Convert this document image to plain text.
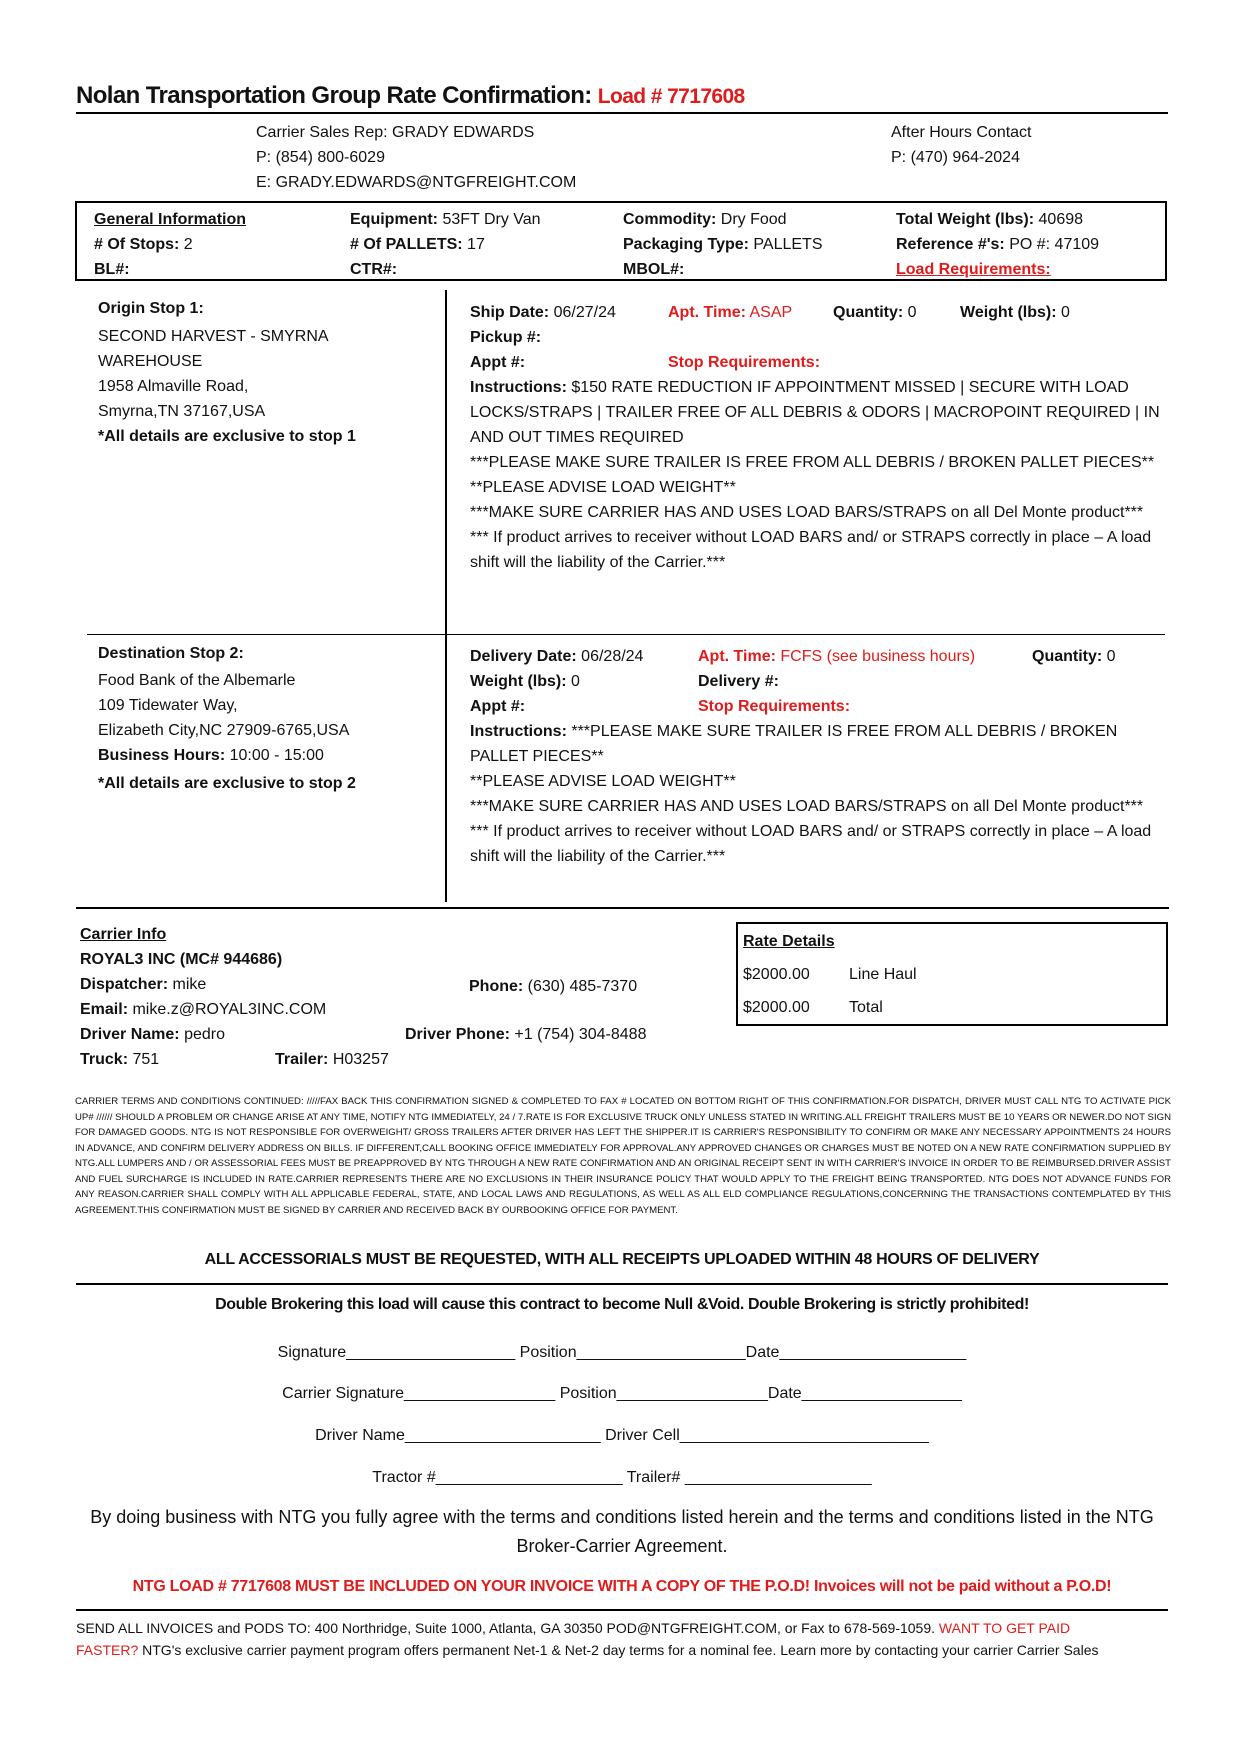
Nolan Transportation Group Rate Confirmation: Load # 7717608
Carrier Sales Rep: GRADY EDWARDS
P: (854) 800-6029
E: GRADY.EDWARDS@NTGFREIGHT.COM
After Hours Contact
P: (470) 964-2024
General Information	Equipment: 53FT Dry Van	Commodity: Dry Food	Total Weight (lbs): 40698
# Of Stops: 2	# Of PALLETS: 17	Packaging Type: PALLETS	Reference #'s: PO #: 47109
BL#:	CTR#:	MBOL#:	Load Requirements:
Origin Stop 1:
SECOND HARVEST - SMYRNA
WAREHOUSE
1958 Almaville Road,
Smyrna,TN 37167,USA
*All details are exclusive to stop 1
Ship Date: 06/27/24	Apt. Time: ASAP	Quantity: 0	Weight (lbs): 0
Pickup #:
Appt #:	Stop Requirements:

Instructions: $150 RATE REDUCTION IF APPOINTMENT MISSED | SECURE WITH LOAD LOCKS/STRAPS | TRAILER FREE OF ALL DEBRIS & ODORS | MACROPOINT REQUIRED | IN AND OUT TIMES REQUIRED

***PLEASE MAKE SURE TRAILER IS FREE FROM ALL DEBRIS / BROKEN PALLET PIECES**

**PLEASE ADVISE LOAD WEIGHT**

***MAKE SURE CARRIER HAS AND USES LOAD BARS/STRAPS on all Del Monte product***

*** If product arrives to receiver without LOAD BARS and/ or STRAPS correctly in place – A load shift will the liability of the Carrier.***

Destination Stop 2:
Food Bank of the Albemarle
109 Tidewater Way,
Elizabeth City,NC 27909-6765,USA
Business Hours: 10:00 - 15:00
*All details are exclusive to stop 2
Delivery Date: 06/28/24	Apt. Time: FCFS (see business hours)	Quantity: 0
Weight (lbs): 0	Delivery #:
Appt #:	Stop Requirements:

Instructions: ***PLEASE MAKE SURE TRAILER IS FREE FROM ALL DEBRIS / BROKEN PALLET PIECES**

**PLEASE ADVISE LOAD WEIGHT**

***MAKE SURE CARRIER HAS AND USES LOAD BARS/STRAPS on all Del Monte product***

*** If product arrives to receiver without LOAD BARS and/ or STRAPS correctly in place – A load shift will the liability of the Carrier.***

Carrier Info
ROYAL3 INC (MC# 944686)
Dispatcher: mike	Phone: (630) 485-7370
Email: mike.z@ROYAL3INC.COM
Driver Name: pedro	Driver Phone: +1 (754) 304-8488
Truck: 751	Trailer: H03257
Rate Details
$2000.00 Line Haul
$2000.00 Total
CARRIER TERMS AND CONDITIONS CONTINUED: /////FAX BACK THIS CONFIRMATION SIGNED & COMPLETED TO FAX # LOCATED ON BOTTOM RIGHT OF THIS CONFIRMATION.FOR DISPATCH, DRIVER MUST CALL NTG TO ACTIVATE PICK UP# ////// SHOULD A PROBLEM OR CHANGE ARISE AT ANY TIME, NOTIFY NTG IMMEDIATELY, 24 / 7.RATE IS FOR EXCLUSIVE TRUCK ONLY UNLESS STATED IN WRITING.ALL FREIGHT TRAILERS MUST BE 10 YEARS OR NEWER.DO NOT SIGN FOR DAMAGED GOODS. NTG IS NOT RESPONSIBLE FOR OVERWEIGHT/ GROSS TRAILERS AFTER DRIVER HAS LEFT THE SHIPPER.IT IS CARRIER'S RESPONSIBILITY TO CONFIRM OR MAKE ANY NECESSARY APPOINTMENTS 24 HOURS IN ADVANCE, AND CONFIRM DELIVERY ADDRESS ON BILLS. IF DIFFERENT,CALL BOOKING OFFICE IMMEDIATELY FOR APPROVAL.ANY APPROVED CHANGES OR CHARGES MUST BE NOTED ON A NEW RATE CONFIRMATION SUPPLIED BY NTG.ALL LUMPERS AND / OR ASSESSORIAL FEES MUST BE PREAPPROVED BY NTG THROUGH A NEW RATE CONFIRMATION AND AN ORIGINAL RECEIPT SENT IN WITH CARRIER'S INVOICE IN ORDER TO BE REIMBURSED.DRIVER ASSIST AND FUEL SURCHARGE IS INCLUDED IN RATE.CARRIER REPRESENTS THERE ARE NO EXCLUSIONS IN THEIR INSURANCE POLICY THAT WOULD APPLY TO THE FREIGHT BEING TRANSPORTED. NTG DOES NOT ADVANCE FUNDS FOR ANY REASON.CARRIER SHALL COMPLY WITH ALL APPLICABLE FEDERAL, STATE, AND LOCAL LAWS AND REGULATIONS, AS WELL AS ALL ELD COMPLIANCE REGULATIONS,CONCERNING THE TRANSACTIONS CONTEMPLATED BY THIS AGREEMENT.THIS CONFIRMATION MUST BE SIGNED BY CARRIER AND RECEIVED BACK BY OURBOOKING OFFICE FOR PAYMENT.
ALL ACCESSORIALS MUST BE REQUESTED, WITH ALL RECEIPTS UPLOADED WITHIN 48 HOURS OF DELIVERY
Double Brokering this load will cause this contract to become Null &Void. Double Brokering is strictly prohibited!
Signature___________________ Position___________________Date_____________________
Carrier Signature_________________ Position_________________Date__________________
Driver Name______________________ Driver Cell____________________________
Tractor #_____________________ Trailer# _____________________
By doing business with NTG you fully agree with the terms and conditions listed herein and the terms and conditions listed in the NTG Broker-Carrier Agreement.
NTG LOAD # 7717608 MUST BE INCLUDED ON YOUR INVOICE WITH A COPY OF THE P.O.D! Invoices will not be paid without a P.O.D!
SEND ALL INVOICES and PODS TO: 400 Northridge, Suite 1000, Atlanta, GA 30350 POD@NTGFREIGHT.COM, or Fax to 678-569-1059. WANT TO GET PAID
FASTER? NTG's exclusive carrier payment program offers permanent Net-1 & Net-2 day terms for a nominal fee. Learn more by contacting your carrier Carrier Sales
